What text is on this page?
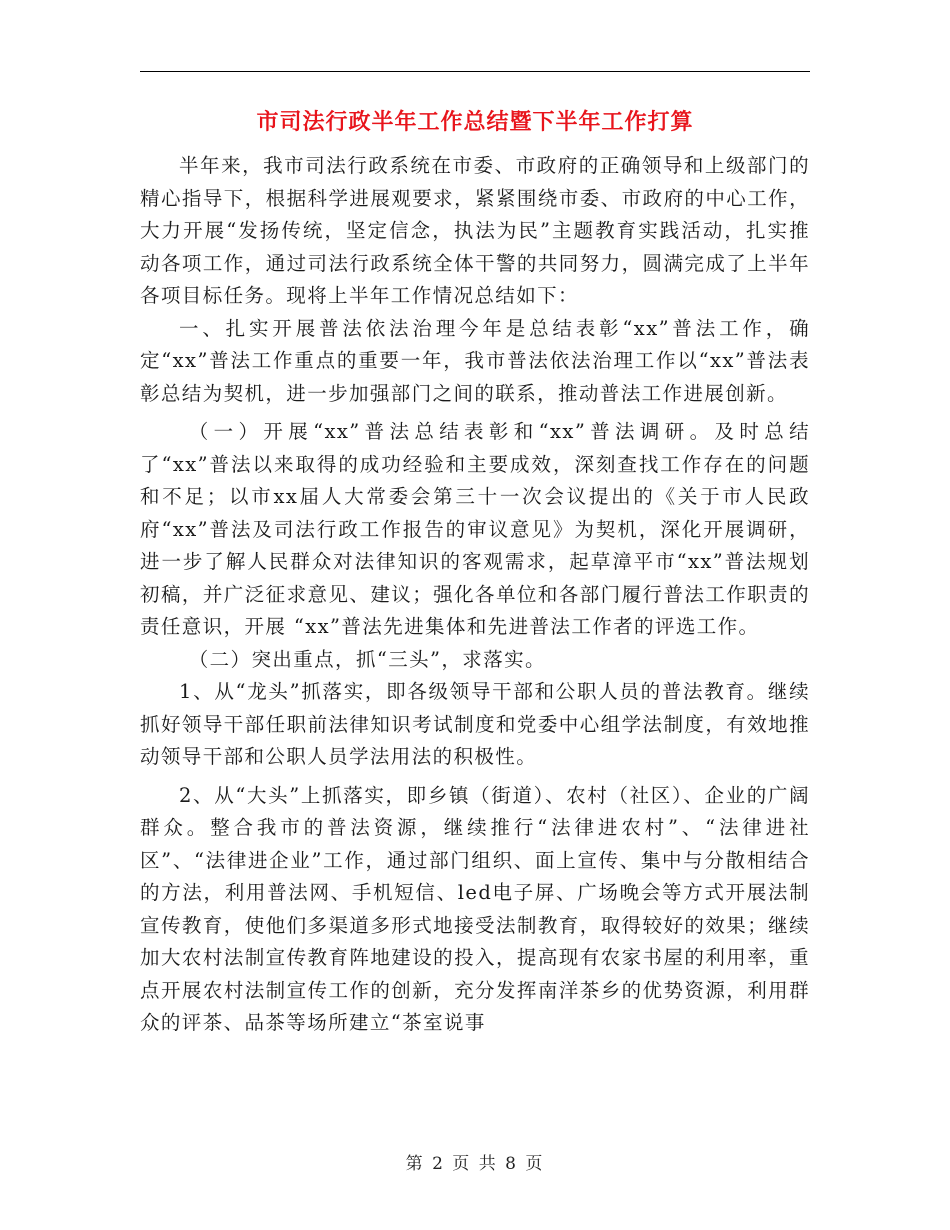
市司法行政半年工作总结暨下半年工作打算

半年来，我市司法行政系统在市委、市政府的正确领导和上级部门的精心指导下，根据科学进展观要求，紧紧围绕市委、市政府的中心工作，大力开展“发扬传统，坚定信念，执法为民”主题教育实践活动，扎实推动各项工作，通过司法行政系统全体干警的共同努力，圆满完成了上半年各项目标任务。现将上半年工作情况总结如下：

一、扎实开展普法依法治理今年是总结表彰“xx”普法工作，确定“xx”普法工作重点的重要一年，我市普法依法治理工作以“xx”普法表彰总结为契机，进一步加强部门之间的联系，推动普法工作进展创新。

（一）开展“xx”普法总结表彰和“xx”普法调研。及时总结了“xx”普法以来取得的成功经验和主要成效，深刻查找工作存在的问题和不足；以市xx届人大常委会第三十一次会议提出的《关于市人民政府“xx”普法及司法行政工作报告的审议意见》为契机，深化开展调研，进一步了解人民群众对法律知识的客观需求，起草漳平市“xx”普法规划初稿，并广泛征求意见、建议；强化各单位和各部门履行普法工作职责的责任意识，开展 “xx”普法先进集体和先进普法工作者的评选工作。

（二）突出重点，抓“三头”，求落实。

1、从“龙头”抓落实，即各级领导干部和公职人员的普法教育。继续抓好领导干部任职前法律知识考试制度和党委中心组学法制度，有效地推动领导干部和公职人员学法用法的积极性。

2、从“大头”上抓落实，即乡镇（街道）、农村（社区）、企业的广阔群众。整合我市的普法资源，继续推行“法律进农村”、“法律进社区”、“法律进企业”工作，通过部门组织、面上宣传、集中与分散相结合的方法，利用普法网、手机短信、led电子屏、广场晚会等方式开展法制宣传教育，使他们多渠道多形式地接受法制教育，取得较好的效果；继续加大农村法制宣传教育阵地建设的投入，提高现有农家书屋的利用率，重点开展农村法制宣传工作的创新，充分发挥南洋茶乡的优势资源，利用群众的评茶、品茶等场所建立“茶室说事

第 2 页 共 8 页
